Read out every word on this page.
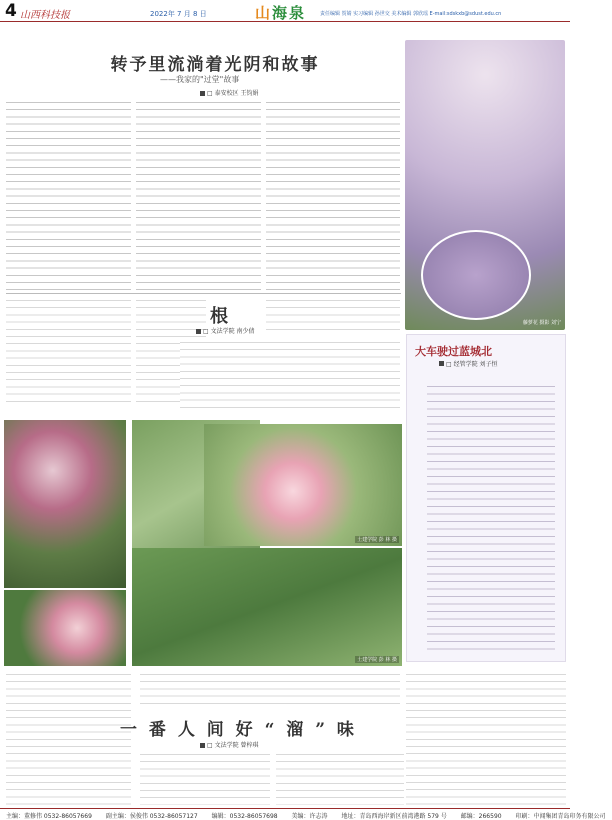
4 山西科技报	2022年 7 月 8 日	山海泉	责任编辑 贺婧 实习编辑 孙世交 美术编辑 郭欣瑶 E-mail:sdskxb@sdust.edu.cn
转予里流淌着光阴和故事
——我家的"过堂"故事
□ 泰安校区 王钧娟
藤萝花 摄影 刘宁
根
□ 文法学院 南少倩
大车驶过蓝城北
□ 经管学院 刘子恒
土建学院 彭 林 摄
土建学院 彭 林 摄
一 番 人 间 好 “ 溜 ” 味
□ 文法学院 曾梓琪
主编：董修伟 0532-86057669 副主编：侯俊伟 0532-86057127 编辑：0532-86057698 美编：许志涛 地址：青岛西海岸新区前湾港路 579 号 邮编：266590 印刷：中闻集团青岛印务有限公司
